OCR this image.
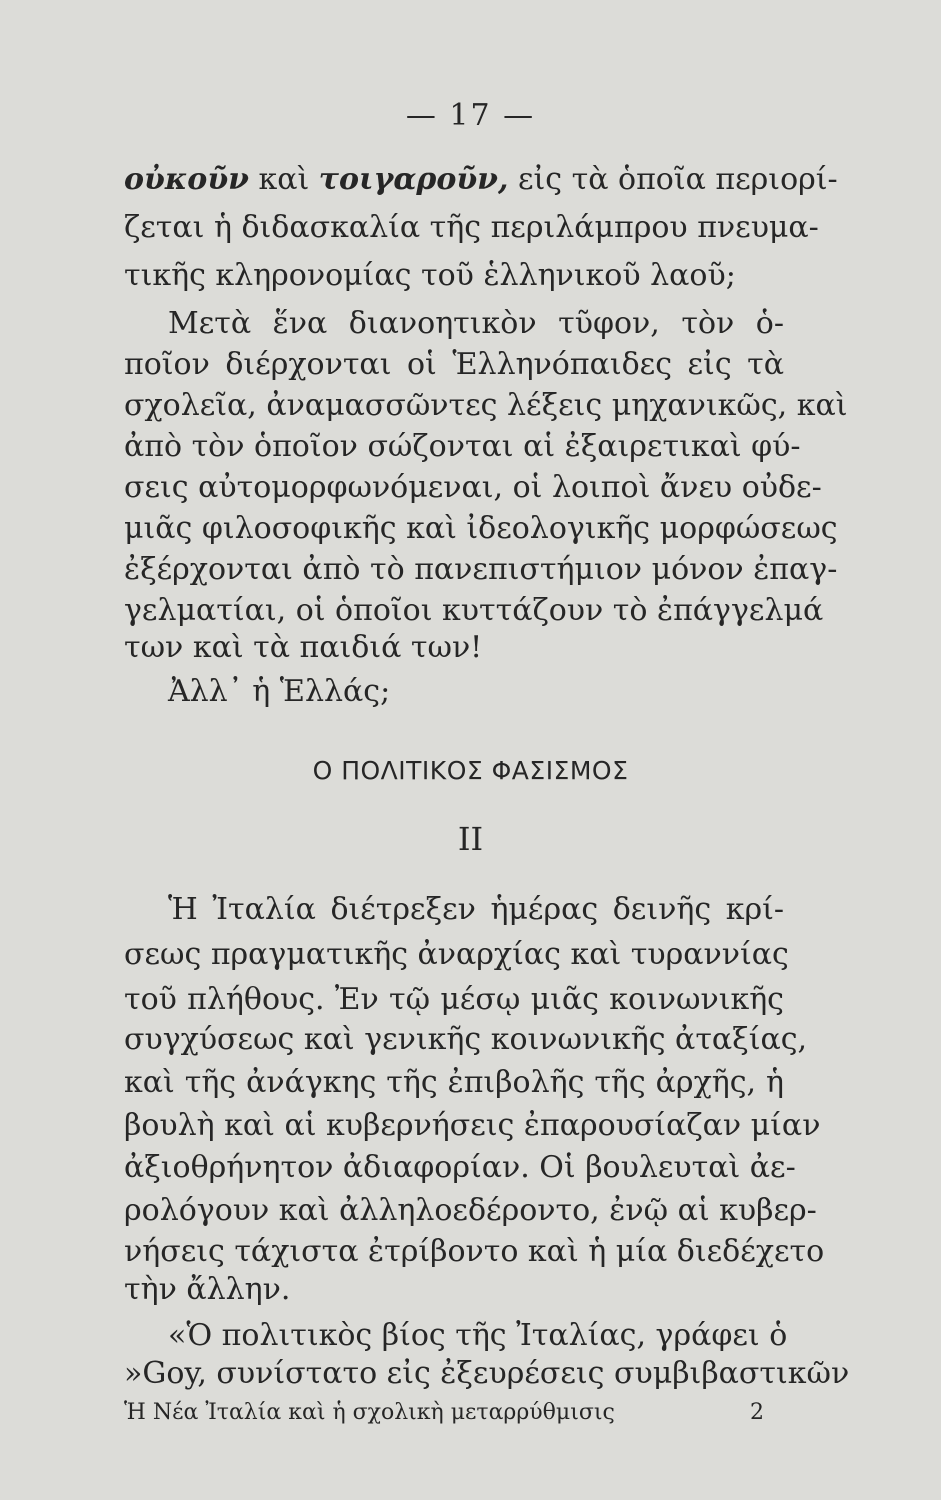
— 17 —
οὐκοῦν καὶ τοιγαροῦν, εἰς τὰ ὁποῖα περιορί-
ζεται ἡ διδασκαλία τῆς περιλάμπρου πνευμα-
τικῆς κληρονομίας τοῦ ἑλληνικοῦ λαοῦ;
Μετὰ ἕνα διανοητικὸν τῦφον, τὸν ὁ-
ποῖον διέρχονται οἱ Ἑλληνόπαιδες εἰς τὰ
σχολεῖα, ἀναμασσῶντες λέξεις μηχανικῶς, καὶ
ἀπὸ τὸν ὁποῖον σώζονται αἱ ἐξαιρετικαὶ φύ-
σεις αὐτομορφωνόμεναι, οἱ λοιποὶ ἄνευ οὐδε-
μιᾶς φιλοσοφικῆς καὶ ἰδεολογικῆς μορφώσεως
ἐξέρχονται ἀπὸ τὸ πανεπιστήμιον μόνον ἐπαγ-
γελματίαι, οἱ ὁποῖοι κυττάζουν τὸ ἐπάγγελμά
των καὶ τὰ παιδιά των!
Ἀλλ᾽ ἡ Ἑλλάς;
Ἡ Ἰταλία διέτρεξεν ἡμέρας δεινῆς κρί-
σεως πραγματικῆς ἀναρχίας καὶ τυραννίας
τοῦ πλήθους. Ἐν τῷ μέσῳ μιᾶς κοινωνικῆς
συγχύσεως καὶ γενικῆς κοινωνικῆς ἀταξίας,
καὶ τῆς ἀνάγκης τῆς ἐπιβολῆς τῆς ἀρχῆς, ἡ
βουλὴ καὶ αἱ κυβερνήσεις ἐπαρουσίαζαν μίαν
ἀξιοθρήνητον ἀδιαφορίαν. Οἱ βουλευταὶ ἀε-
ρολόγουν καὶ ἀλληλοεδέροντο, ἐνῷ αἱ κυβερ-
νήσεις τάχιστα ἐτρίβοντο καὶ ἡ μία διεδέχετο
τὴν ἄλλην.
«Ὁ πολιτικὸς βίος τῆς Ἰταλίας, γράφει ὁ
»Goy, συνίστατο εἰς ἐξευρέσεις συμβιβαστικῶν
Ο ΠΟΛΙΤΙΚΟΣ ΦΑΣΙΣΜΟΣ
II
Ἡ Νέα Ἰταλία καὶ ἡ σχολικὴ μεταρρύθμισις	2
